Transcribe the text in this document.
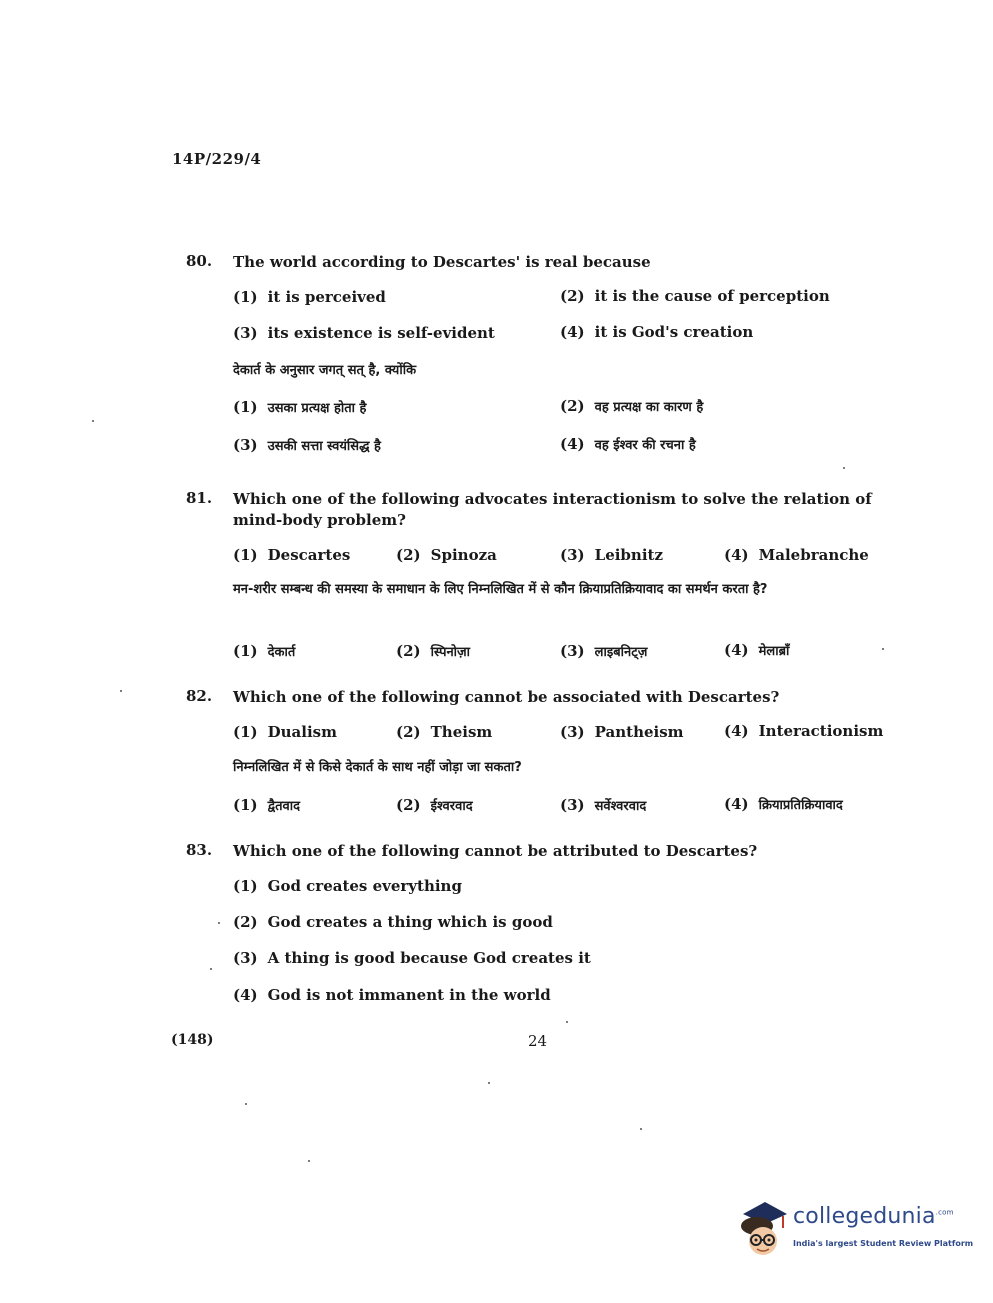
14P/229/4
80. The world according to Descartes' is real because
(1) it is perceived	(2) it is the cause of perception
(3) its existence is self-evident	(4) it is God's creation
देकार्त के अनुसार जगत् सत् है, क्योंकि
(1) उसका प्रत्यक्ष होता है	(2) वह प्रत्यक्ष का कारण है
(3) उसकी सत्ता स्वयंसिद्ध है	(4) वह ईश्वर की रचना है
81. Which one of the following advocates interactionism to solve the relation of mind-body problem?
(1) Descartes	(2) Spinoza	(3) Leibnitz	(4) Malebranche
मन-शरीर सम्बन्ध की समस्या के समाधान के लिए निम्नलिखित में से कौन क्रियाप्रतिक्रियावाद का समर्थन करता है?
(1) देकार्त	(2) स्पिनोज़ा	(3) लाइबनिट्ज़	(4) मेलाब्रॉं
82. Which one of the following cannot be associated with Descartes?
(1) Dualism	(2) Theism	(3) Pantheism	(4) Interactionism
निम्नलिखित में से किसे देकार्त के साथ नहीं जोड़ा जा सकता?
(1) द्वैतवाद	(2) ईश्वरवाद	(3) सर्वेश्वरवाद	(4) क्रियाप्रतिक्रियावाद
83. Which one of the following cannot be attributed to Descartes?
(1) God creates everything
(2) God creates a thing which is good
(3) A thing is good because God creates it
(4) God is not immanent in the world
(148)	24
collegedunia$^{.com}$
India's largest Student Review Platform
